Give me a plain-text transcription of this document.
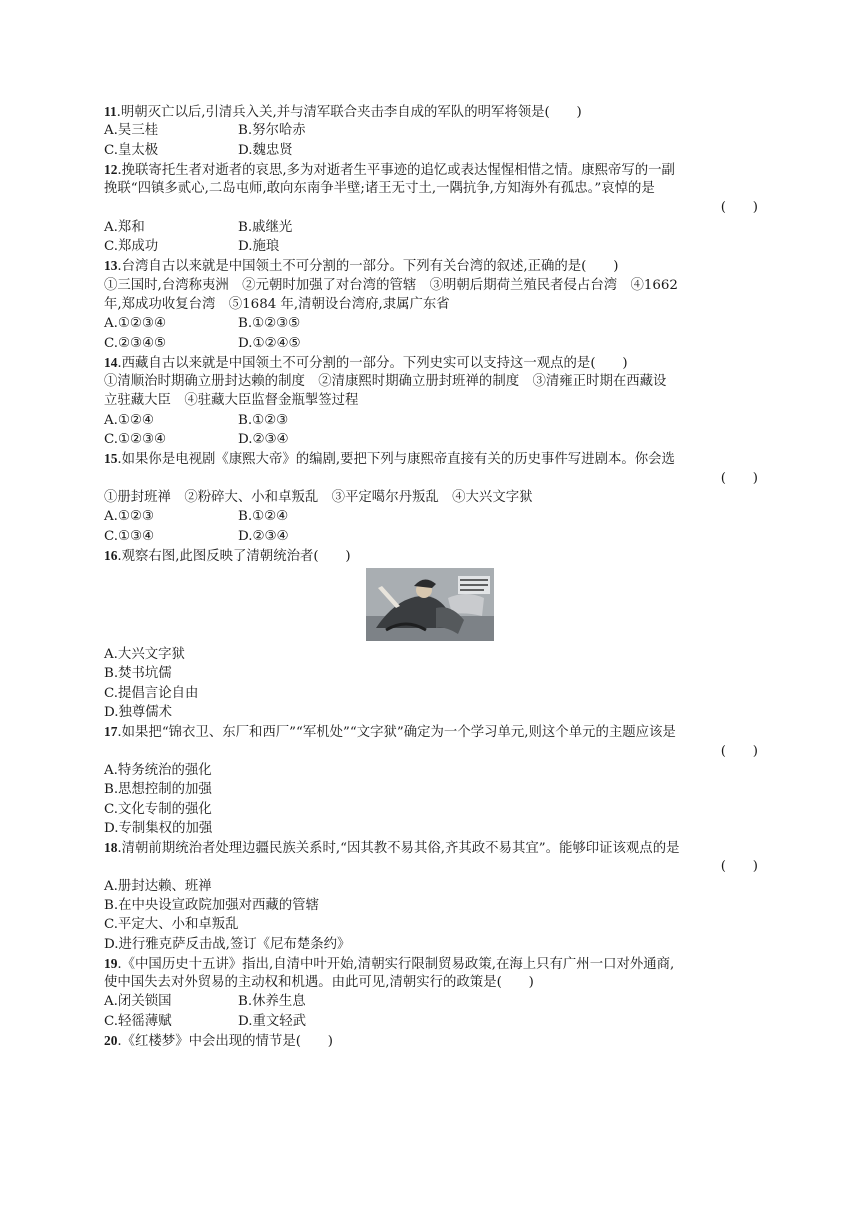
11.明朝灭亡以后,引清兵入关,并与清军联合夹击李自成的军队的明军将领是(　　)
A.吴三桂	B.努尔哈赤
C.皇太极	D.魏忠贤
12.挽联寄托生者对逝者的哀思,多为对逝者生平事迹的追忆或表达惺惺相惜之情。康熙帝写的一副
挽联“四镇多贰心,二岛屯师,敢向东南争半壁;诸王无寸土,一隅抗争,方知海外有孤忠。”哀悼的是
(　　)
A.郑和	B.戚继光
C.郑成功	D.施琅
13.台湾自古以来就是中国领土不可分割的一部分。下列有关台湾的叙述,正确的是(　　)
①三国时,台湾称夷洲　②元朝时加强了对台湾的管辖　③明朝后期荷兰殖民者侵占台湾　④1662
年,郑成功收复台湾　⑤1684 年,清朝设台湾府,隶属广东省
A.①②③④	B.①②③⑤
C.②③④⑤	D.①②④⑤
14.西藏自古以来就是中国领土不可分割的一部分。下列史实可以支持这一观点的是(　　)
①清顺治时期确立册封达赖的制度　②清康熙时期确立册封班禅的制度　③清雍正时期在西藏设
立驻藏大臣　④驻藏大臣监督金瓶掣签过程
A.①②④	B.①②③
C.①②③④	D.②③④
15.如果你是电视剧《康熙大帝》的编剧,要把下列与康熙帝直接有关的历史事件写进剧本。你会选
(　　)
①册封班禅　②粉碎大、小和卓叛乱　③平定噶尔丹叛乱　④大兴文字狱
A.①②③	B.①②④
C.①③④	D.②③④
16.观察右图,此图反映了清朝统治者(　　)
A.大兴文字狱
B.焚书坑儒
C.提倡言论自由
D.独尊儒术
17.如果把“锦衣卫、东厂和西厂”“军机处”“文字狱”确定为一个学习单元,则这个单元的主题应该是
(　　)
A.特务统治的强化
B.思想控制的加强
C.文化专制的强化
D.专制集权的加强
18.清朝前期统治者处理边疆民族关系时,“因其教不易其俗,齐其政不易其宜”。能够印证该观点的是
(　　)
A.册封达赖、班禅
B.在中央设宣政院加强对西藏的管辖
C.平定大、小和卓叛乱
D.进行雅克萨反击战,签订《尼布楚条约》
19.《中国历史十五讲》指出,自清中叶开始,清朝实行限制贸易政策,在海上只有广州一口对外通商,
使中国失去对外贸易的主动权和机遇。由此可见,清朝实行的政策是(　　)
A.闭关锁国	B.休养生息
C.轻徭薄赋	D.重文轻武
20.《红楼梦》中会出现的情节是(　　)
